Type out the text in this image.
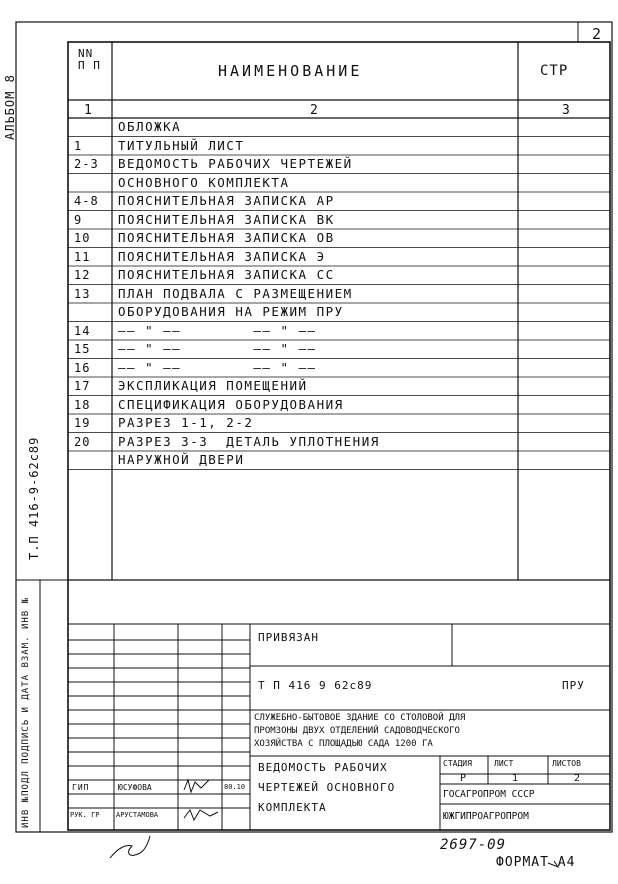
2
АЛЬБОМ 8
Т.П 416-9-62с89
ИНВ №ПОДЛ ПОДПИСЬ И ДАТА ВЗАМ. ИНВ №
NN
П П	НАИМЕНОВАНИЕ	СТР
1	2	3
ОБЛОЖКА
1	ТИТУЛЬНЫЙ ЛИСТ
2-3 ВЕДОМОСТЬ РАБОЧИХ ЧЕРТЕЖЕЙ
ОСНОВНОГО КОМПЛЕКТА
4-8 ПОЯСНИТЕЛЬНАЯ ЗАПИСКА АР
9	ПОЯСНИТЕЛЬНАЯ ЗАПИСКА ВК
10 ПОЯСНИТЕЛЬНАЯ ЗАПИСКА ОВ
11 ПОЯСНИТЕЛЬНАЯ ЗАПИСКА Э
12 ПОЯСНИТЕЛЬНАЯ ЗАПИСКА СС
13 ПЛАН ПОДВАЛА С РАЗМЕЩЕНИЕМ
ОБОРУДОВАНИЯ НА РЕЖИМ ПРУ
14 —— " ——        —— " ——
15 —— " ——        —— " ——
16 —— " ——        —— " ——
17 ЭКСПЛИКАЦИЯ ПОМЕЩЕНИЙ
18 СПЕЦИФИКАЦИЯ ОБОРУДОВАНИЯ
19 РАЗРЕЗ 1-1, 2-2
20 РАЗРЕЗ 3-3  ДЕТАЛЬ УПЛОТНЕНИЯ
НАРУЖНОЙ ДВЕРИ
ПРИВЯЗАН
Т П 416 9 62с89	ПРУ
СЛУЖЕБНО-БЫТОВОЕ ЗДАНИЕ СО СТОЛОВОЙ ДЛЯ
ПРОМЗОНЫ ДВУХ ОТДЕЛЕНИЙ САДОВОДЧЕСКОГО
ХОЗЯЙСТВА С ПЛОЩАДЬЮ САДА 1200 ГА
ВЕДОМОСТЬ РАБОЧИХ
ЧЕРТЕЖЕЙ ОСНОВНОГО
КОМПЛЕКТА
СТАДИЯ	ЛИСТ	ЛИСТОВ
Р	1	2
ГОСАГРОПРОМ СССР
ЮЖГИПРОАГРОПРОМ
ГИП	ЮСУФОВА	80.10
РУК. ГР АРУСТАМОВА
2697-09
ФОРМАТ А4
